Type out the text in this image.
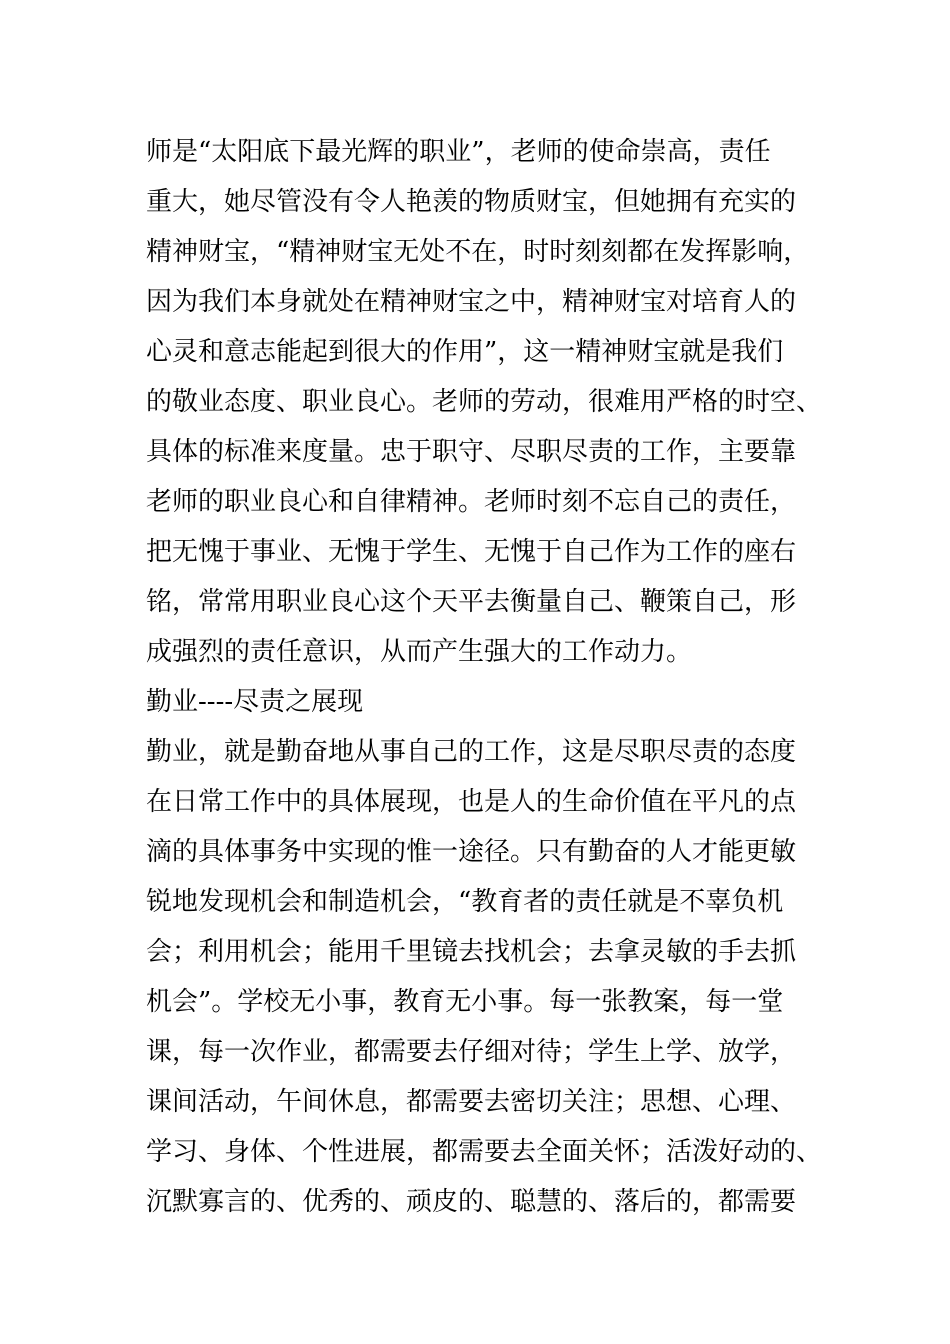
师是“太阳底下最光辉的职业”，老师的使命崇高，责任
重大，她尽管没有令人艳羡的物质财宝，但她拥有充实的
精神财宝，“精神财宝无处不在，时时刻刻都在发挥影响，
因为我们本身就处在精神财宝之中，精神财宝对培育人的
心灵和意志能起到很大的作用”，这一精神财宝就是我们
的敬业态度、职业良心。老师的劳动，很难用严格的时空、
具体的标准来度量。忠于职守、尽职尽责的工作，主要靠
老师的职业良心和自律精神。老师时刻不忘自己的责任，
把无愧于事业、无愧于学生、无愧于自己作为工作的座右
铭，常常用职业良心这个天平去衡量自己、鞭策自己，形
成强烈的责任意识，从而产生强大的工作动力。
勤业----尽责之展现
勤业，就是勤奋地从事自己的工作，这是尽职尽责的态度
在日常工作中的具体展现，也是人的生命价值在平凡的点
滴的具体事务中实现的惟一途径。只有勤奋的人才能更敏
锐地发现机会和制造机会，“教育者的责任就是不辜负机
会；利用机会；能用千里镜去找机会；去拿灵敏的手去抓
机会”。学校无小事，教育无小事。每一张教案，每一堂
课，每一次作业，都需要去仔细对待；学生上学、放学，
课间活动，午间休息，都需要去密切关注；思想、心理、
学习、身体、个性进展，都需要去全面关怀；活泼好动的、
沉默寡言的、优秀的、顽皮的、聪慧的、落后的，都需要
